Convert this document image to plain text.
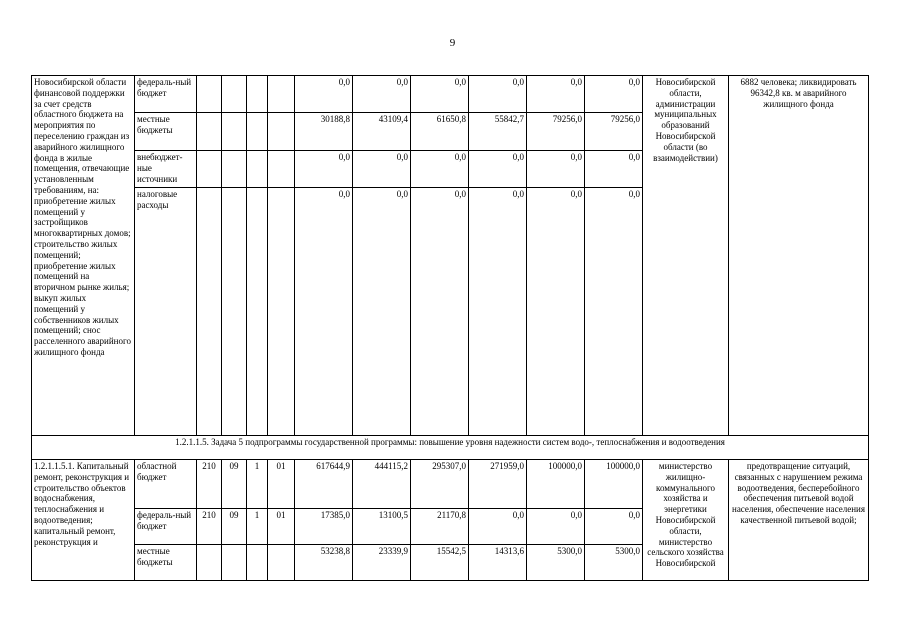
9
Новосибирской области финансовой поддержки за счет средств областного бюджета на мероприятия по переселению граждан из аварийного жилищного фонда в жилые помещения, отвечающие установленным требованиям, на: приобретение жилых помещений у застройщиков многоквартирных домов; строительство жилых помещений; приобретение жилых помещений на вторичном рынке жилья; выкуп жилых помещений у собственников жилых помещений; снос расселенного аварийного жилищного фонда	федераль-ный бюджет					0,0	0,0	0,0	0,0	0,0	0,0	Новосибирской области, администрации муниципальных образований Новосибирской области (во взаимодействии)	6882 человека; ликвидировать 96342,8 кв. м аварийного жилищного фонда
	местные бюджеты					30188,8	43109,4	61650,8	55842,7	79256,0	79256,0		
	внебюджет-ные источники					0,0	0,0	0,0	0,0	0,0	0,0		
	налоговые расходы					0,0	0,0	0,0	0,0	0,0	0,0		
1.2.1.1.5. Задача 5 подпрограммы государственной программы: повышение уровня надежности систем водо-, теплоснабжения и водоотведения													
1.2.1.1.5.1. Капитальный ремонт, реконструкция и строительство объектов водоснабжения, теплоснабжения и водоотведения; капитальный ремонт, реконструкция и	областной бюджет	210	09	1	01	617644,9	444115,2	295307,0	271959,0	100000,0	100000,0	министерство жилищно-коммунального хозяйства и энергетики Новосибирской области, министерство сельского хозяйства Новосибирской	предотвращение ситуаций, связанных с нарушением режима водоотведения, бесперебойного обеспечения питьевой водой населения, обеспечение населения качественной питьевой водой;
	федераль-ный бюджет	210	09	1	01	17385,0	13100,5	21170,8	0,0	0,0	0,0		
	местные бюджеты					53238,8	23339,9	15542,5	14313,6	5300,0	5300,0		
